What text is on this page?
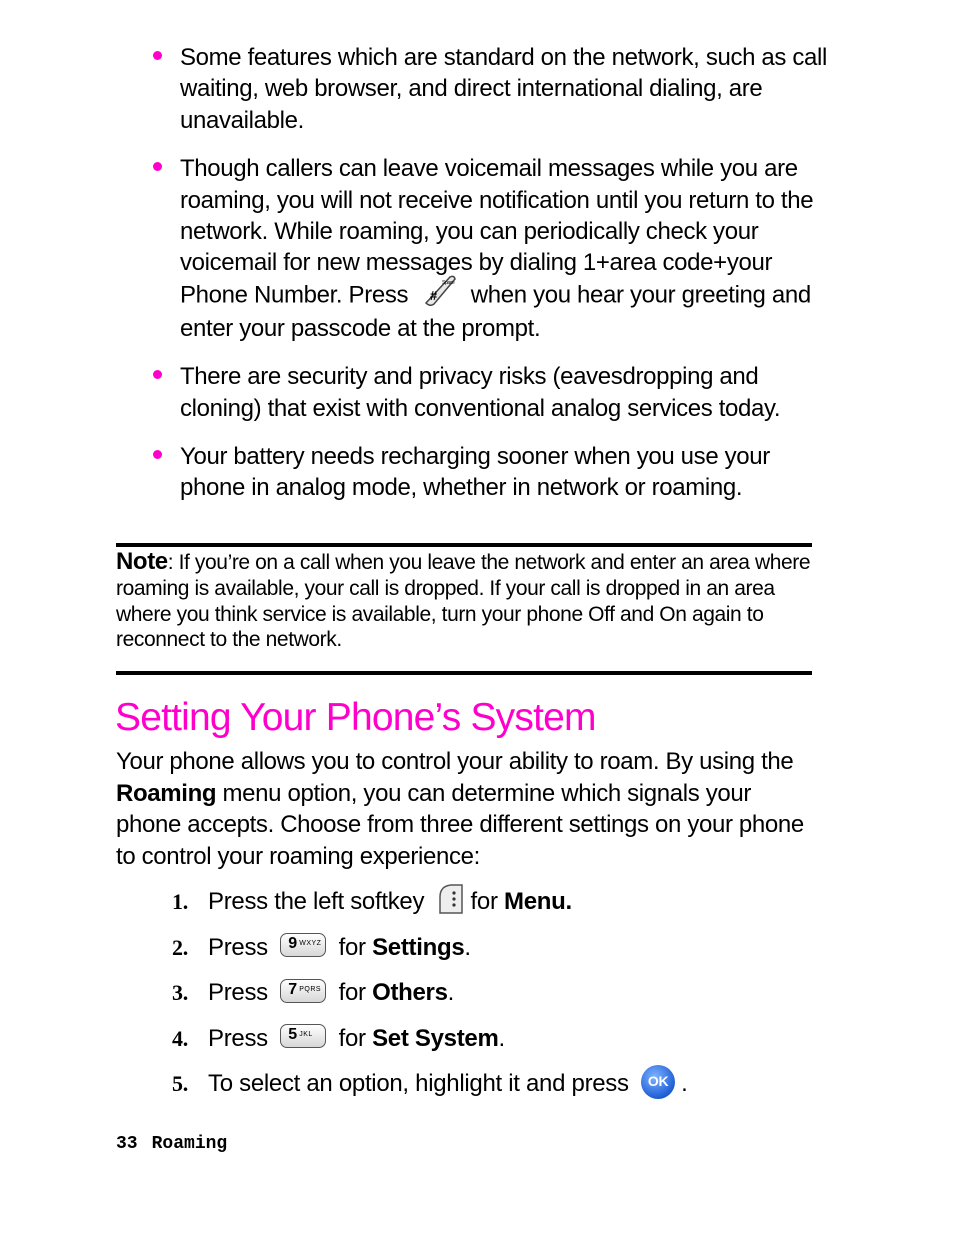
Some features which are standard on the network, such as call waiting, web browser, and direct international dialing, are unavailable.
Though callers can leave voicemail messages while you are roaming, you will not receive notification until you return to the network. While roaming, you can periodically check your voicemail for new messages by dialing 1+area code+your Phone Number. Press #
Space when you hear your greeting and enter your passcode at the prompt.
There are security and privacy risks (eavesdropping and cloning) that exist with conventional analog services today.
Your battery needs recharging sooner when you use your phone in analog mode, whether in network or roaming.
Note: If you’re on a call when you leave the network and enter an area where roaming is available, your call is dropped. If your call is dropped in an area where you think service is available, turn your phone Off and On again to reconnect to the network.
Setting Your Phone’s System
Your phone allows you to control your ability to roam. By using the Roaming menu option, you can determine which signals your phone accepts. Choose from three different settings on your phone to control your roaming experience:
1. Press the left softkey for Menu.
2. Press 9 WXYZ for Settings.
3. Press 7 PQRS for Others.
4. Press 5 JKL for Set System.
5. To select an option, highlight it and press	OK .
33 Roaming
